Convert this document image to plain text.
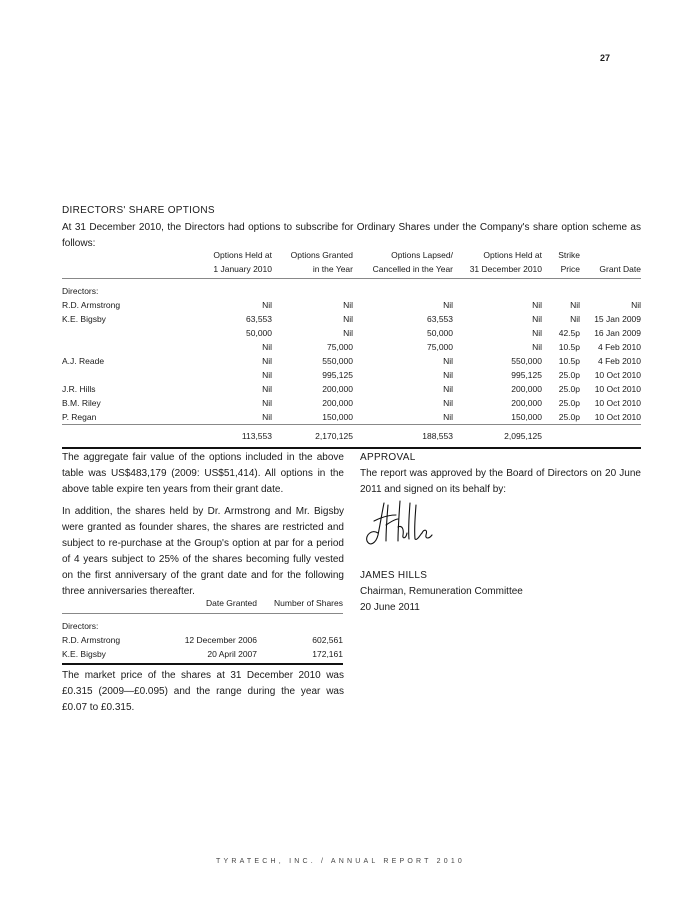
27
DIRECTORS' SHARE OPTIONS
At 31 December 2010, the Directors had options to subscribe for Ordinary Shares under the Company's share option scheme as follows:
	Options Held at	Options Granted	Options Lapsed/	Options Held at	Strike	
	1 January 2010	in the Year	Cancelled in the Year	31 December 2010	Price	Grant Date
Directors:						
R.D. Armstrong	Nil	Nil	Nil	Nil	Nil	Nil
K.E. Bigsby	63,553	Nil	63,553	Nil	Nil	15 Jan 2009
	50,000	Nil	50,000	Nil	42.5p	16 Jan 2009
	Nil	75,000	75,000	Nil	10.5p	4 Feb 2010
A.J. Reade	Nil	550,000	Nil	550,000	10.5p	4 Feb 2010
	Nil	995,125	Nil	995,125	25.0p	10 Oct 2010
J.R. Hills	Nil	200,000	Nil	200,000	25.0p	10 Oct 2010
B.M. Riley	Nil	200,000	Nil	200,000	25.0p	10 Oct 2010
P. Regan	Nil	150,000	Nil	150,000	25.0p	10 Oct 2010
	113,553	2,170,125	188,553	2,095,125		
The aggregate fair value of the options included in the above table was US$483,179 (2009: US$51,414). All options in the above table expire ten years from their grant date.
In addition, the shares held by Dr. Armstrong and Mr. Bigsby were granted as founder shares, the shares are restricted and subject to re-purchase at the Group's option at par for a period of 4 years subject to 25% of the shares becoming fully vested on the first anniversary of the grant date and for the following three anniversaries thereafter.
	Date Granted	Number of Shares
Directors:		
R.D. Armstrong	12 December 2006	602,561
K.E. Bigsby	20 April 2007	172,161
The market price of the shares at 31 December 2010 was £0.315 (2009—£0.095) and the range during the year was £0.07 to £0.315.
APPROVAL
The report was approved by the Board of Directors on 20 June 2011 and signed on its behalf by:
JAMES HILLS
Chairman, Remuneration Committee
20 June 2011
TYRATECH, INC. / ANNUAL REPORT 2010
